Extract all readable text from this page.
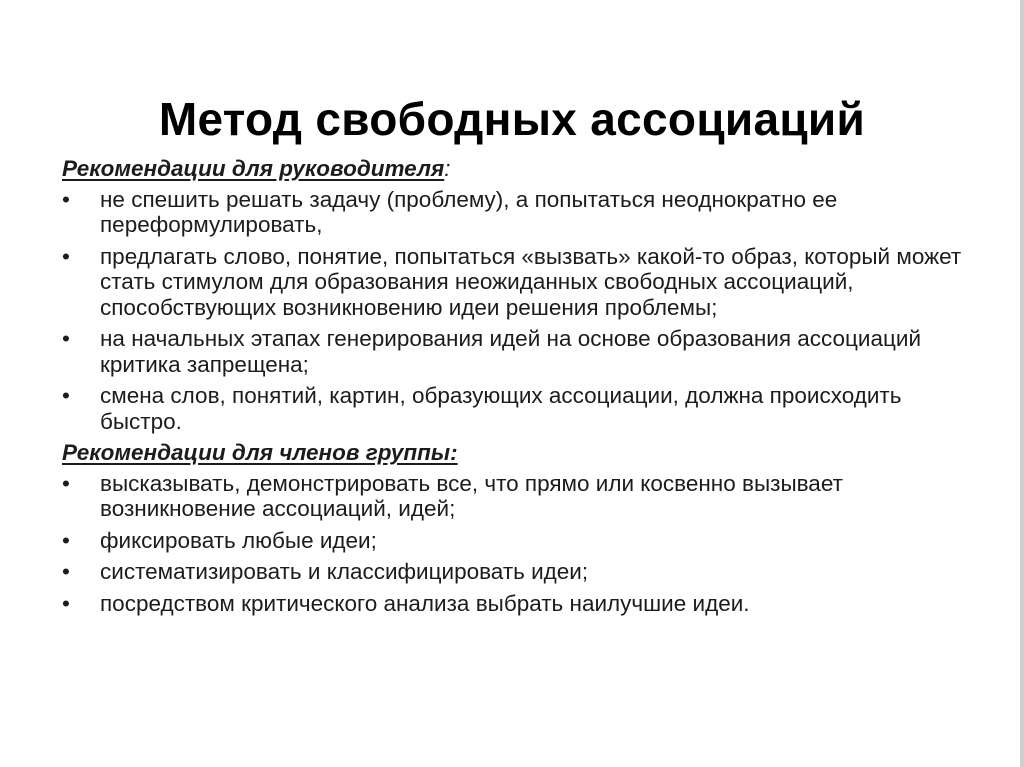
Метод свободных ассоциаций

Рекомендации для руководителя:

•	не спешить решать задачу (проблему), а попытаться неоднократно ее переформулировать,
•	предлагать слово, понятие, попытаться «вызвать» какой-то образ, который может стать стимулом для образования неожиданных свободных ассоциаций, способствующих возникновению идеи решения проблемы;
•	на начальных этапах генерирования идей на основе образования ассоциаций критика запрещена;
•	смена слов, понятий, картин, образующих ассоциации, должна происходить быстро.

Рекомендации для членов группы:

•	высказывать, демонстрировать все, что прямо или косвенно вызывает возникновение ассоциаций, идей;
•	фиксировать любые идеи;
•	систематизировать и классифицировать идеи;
•	посредством критического анализа выбрать наилучшие идеи.
